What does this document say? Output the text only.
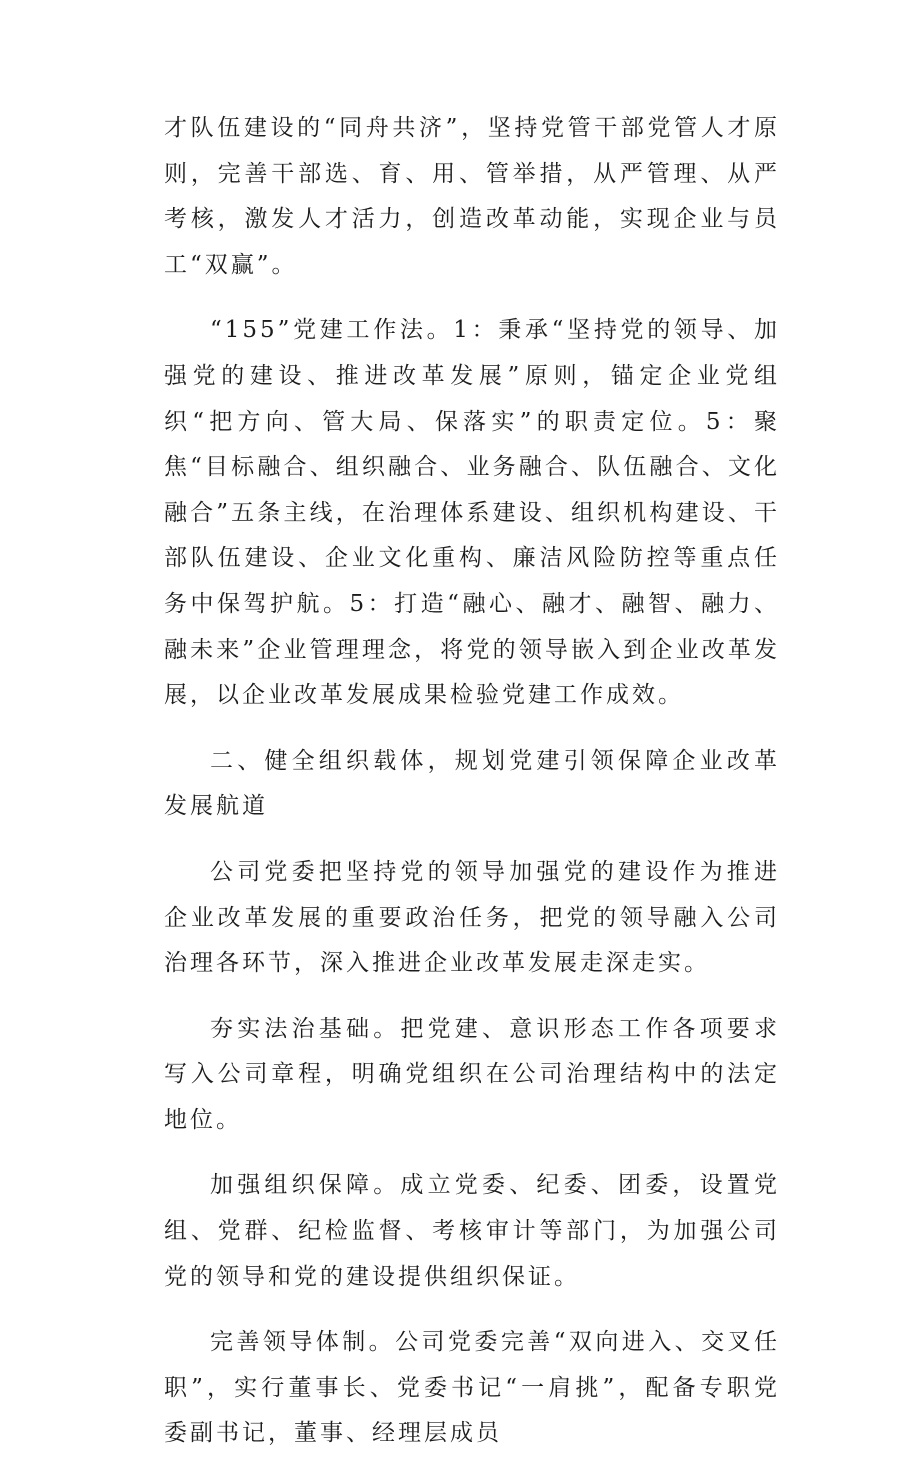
才队伍建设的“同舟共济”，坚持党管干部党管人才原则，完善干部选、育、用、管举措，从严管理、从严考核，激发人才活力，创造改革动能，实现企业与员工“双赢”。

“155”党建工作法。1：秉承“坚持党的领导、加强党的建设、推进改革发展”原则，锚定企业党组织“把方向、管大局、保落实”的职责定位。5：聚焦“目标融合、组织融合、业务融合、队伍融合、文化融合”五条主线，在治理体系建设、组织机构建设、干部队伍建设、企业文化重构、廉洁风险防控等重点任务中保驾护航。5：打造“融心、融才、融智、融力、融未来”企业管理理念，将党的领导嵌入到企业改革发展，以企业改革发展成果检验党建工作成效。

二、健全组织载体，规划党建引领保障企业改革发展航道

公司党委把坚持党的领导加强党的建设作为推进企业改革发展的重要政治任务，把党的领导融入公司治理各环节，深入推进企业改革发展走深走实。

夯实法治基础。把党建、意识形态工作各项要求写入公司章程，明确党组织在公司治理结构中的法定地位。

加强组织保障。成立党委、纪委、团委，设置党组、党群、纪检监督、考核审计等部门，为加强公司党的领导和党的建设提供组织保证。

完善领导体制。公司党委完善“双向进入、交叉任职”，实行董事长、党委书记“一肩挑”，配备专职党委副书记，董事、经理层成员
